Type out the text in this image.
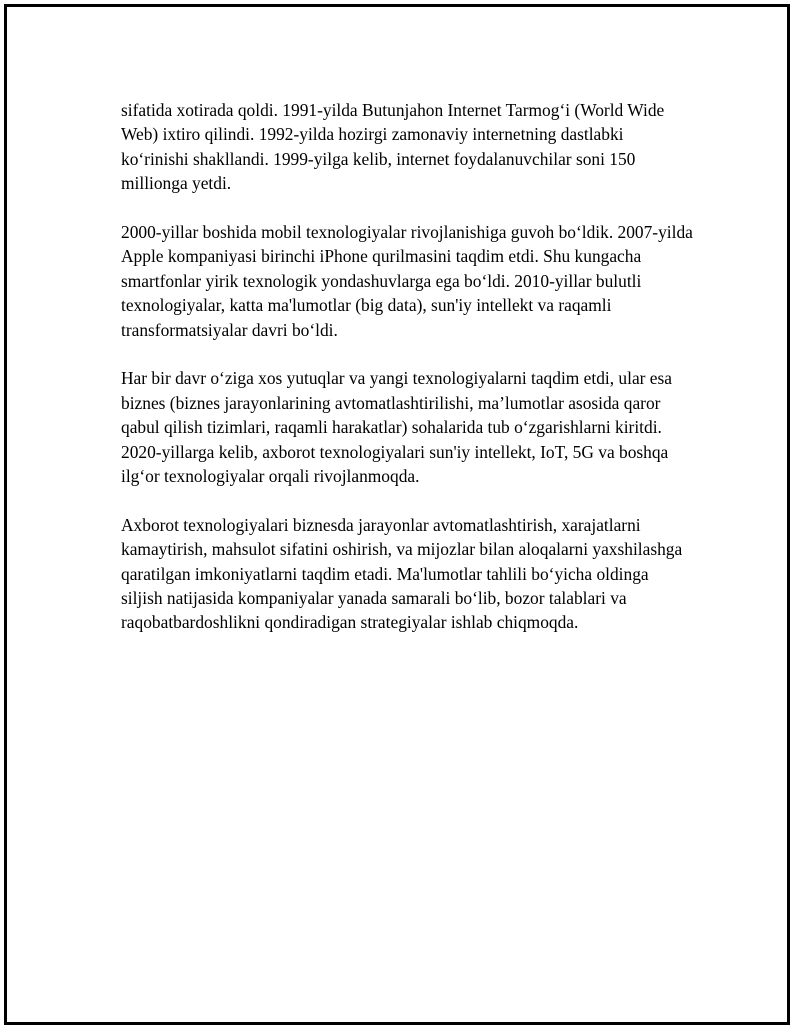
sifatida xotirada qoldi. 1991-yilda Butunjahon Internet Tarmog‘i (World Wide Web) ixtiro qilindi. 1992-yilda hozirgi zamonaviy internetning dastlabki ko‘rinishi shakllandi. 1999-yilga kelib, internet foydalanuvchilar soni 150 millionga yetdi.

2000-yillar boshida mobil texnologiyalar rivojlanishiga guvoh bo‘ldik. 2007-yilda Apple kompaniyasi birinchi iPhone qurilmasini taqdim etdi. Shu kungacha smartfonlar yirik texnologik yondashuvlarga ega bo‘ldi. 2010-yillar bulutli texnologiyalar, katta ma'lumotlar (big data), sun'iy intellekt va raqamli transformatsiyalar davri bo‘ldi.

Har bir davr o‘ziga xos yutuqlar va yangi texnologiyalarni taqdim etdi, ular esa biznes (biznes jarayonlarining avtomatlashtirilishi, ma’lumotlar asosida qaror qabul qilish tizimlari, raqamli harakatlar) sohalarida tub o‘zgarishlarni kiritdi. 2020-yillarga kelib, axborot texnologiyalari sun'iy intellekt, IoT, 5G va boshqa ilg‘or texnologiyalar orqali rivojlanmoqda.

Axborot texnologiyalari biznesda jarayonlar avtomatlashtirish, xarajatlarni kamaytirish, mahsulot sifatini oshirish, va mijozlar bilan aloqalarni yaxshilashga qaratilgan imkoniyatlarni taqdim etadi. Ma'lumotlar tahlili bo‘yicha oldinga siljish natijasida kompaniyalar yanada samarali bo‘lib, bozor talablari va raqobatbardoshlikni qondiradigan strategiyalar ishlab chiqmoqda.
